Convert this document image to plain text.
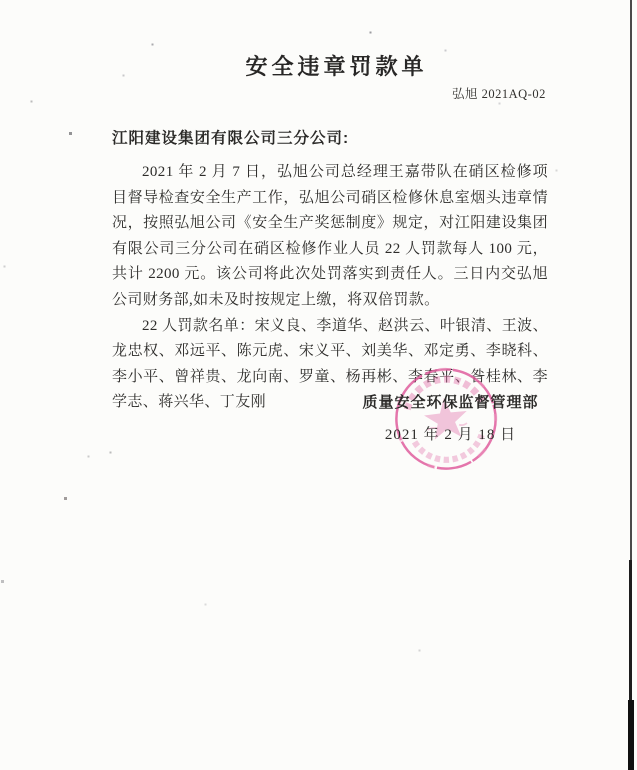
安全违章罚款单
弘旭 2021AQ-02
江阳建设集团有限公司三分公司:

2021 年 2 月 7 日，弘旭公司总经理王嘉带队在硝区检修项目督导检查安全生产工作，弘旭公司硝区检修休息室烟头违章情况，按照弘旭公司《安全生产奖惩制度》规定，对江阳建设集团有限公司三分公司在硝区检修作业人员 22 人罚款每人 100 元，共计 2200 元。该公司将此次处罚落实到责任人。三日内交弘旭公司财务部,如未及时按规定上缴，将双倍罚款。

22 人罚款名单：宋义良、李道华、赵洪云、叶银清、王波、龙忠权、邓远平、陈元虎、宋义平、刘美华、邓定勇、李晓科、李小平、曾祥贵、龙向南、罗童、杨再彬、李春平、昝桂林、李学志、蒋兴华、丁友刚	质量安全环保监督管理部

2021 年 2 月 18 日
